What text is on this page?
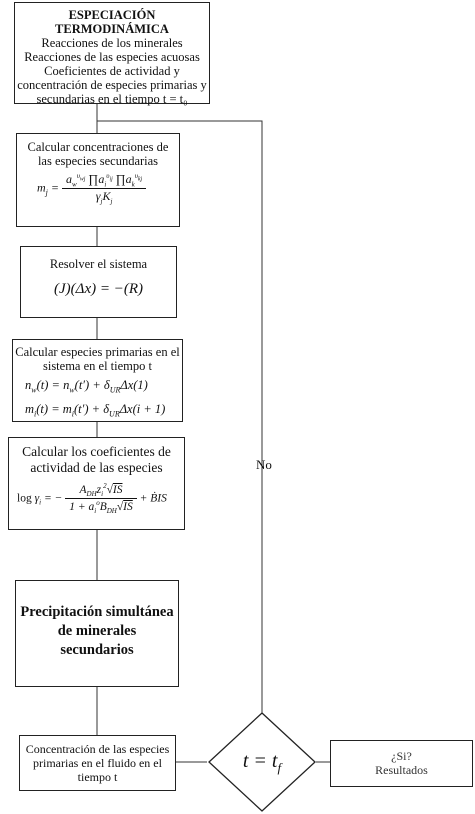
ESPECIACIÓN TERMODINÁMICA
Reacciones de los minerales
Reacciones de las especies acuosas
Coeficientes de actividad y
concentración de especies primarias y
secundarias en el tiempo t = t₀
Calcular concentraciones de
las especies secundarias
$m_j = \frac{a_w^{\upsilon_{wj}} \prod a_i^{\upsilon_{ij}} \prod a_k^{\upsilon_{kj}}}{\gamma_jK_j}$
Resolver el sistema
(J)(Δx) = −(R)
Calcular especies primarias en el
sistema en el tiempo t
$n_w(t) = n_w(t') + \delta_{UR}\Delta x(1)$
$m_i(t) = m_i(t') + \delta_{UR}\Delta x(i + 1)$
Calcular los coeficientes de
actividad de las especies
$\log \gamma_i$ = − $\frac{A_{DH}z_i^2√IS}{1 + a_i^oB_{DH}√IS}$ + ḂIS
Precipitación simultánea
de minerales
secundarios
Concentración de las especies
primarias en el fluido en el
tiempo t
$t = t_f$
¿Si?
Resultados
No
